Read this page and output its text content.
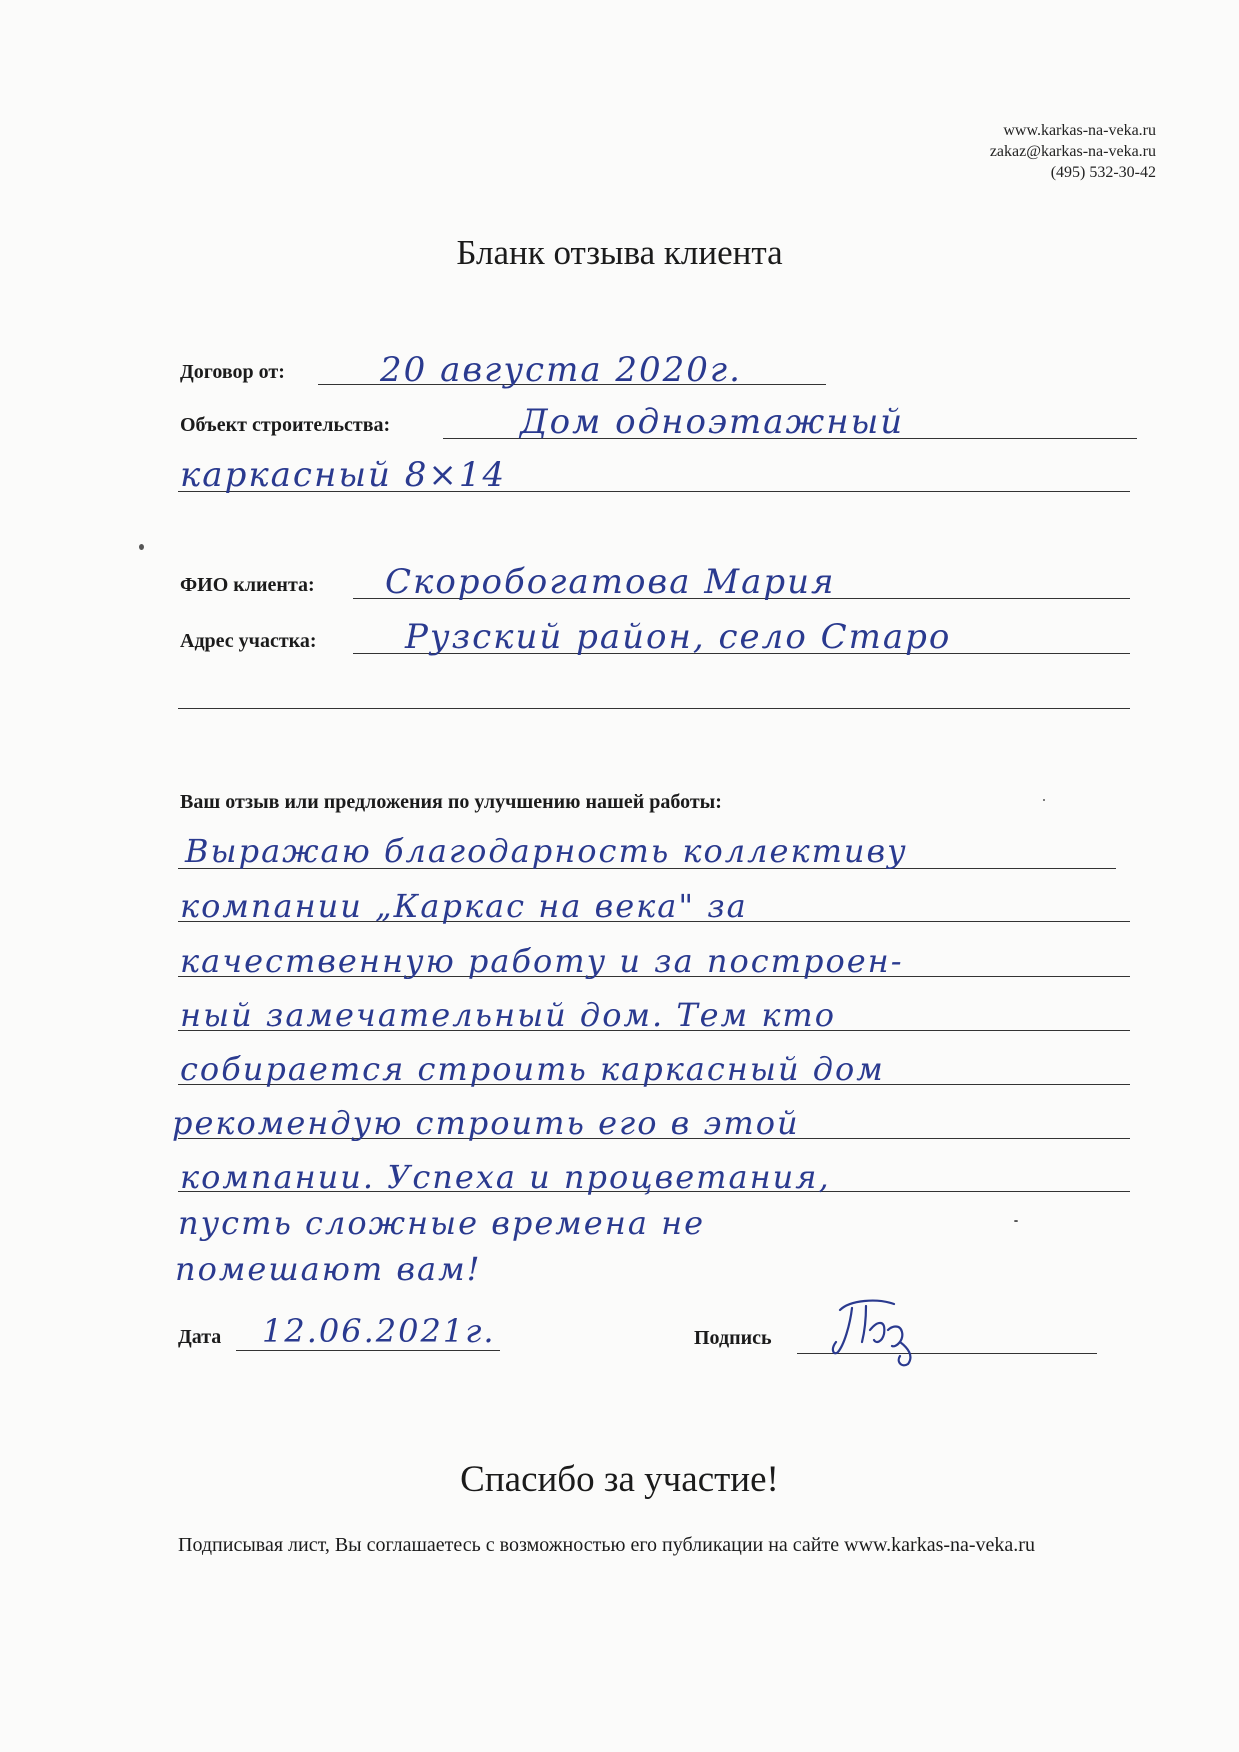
www.karkas-na-veka.ru
zakaz@karkas-na-veka.ru
(495) 532-30-42
Бланк отзыва клиента
Договор от:	20 августа 2020г.
Объект строительства:	Дом одноэтажный
каркасный 8×14
ФИО клиента: Скоробогатова Мария
Адрес участка:	Рузский район, село Старо
Ваш отзыв или предложения по улучшению нашей работы:
Выражаю благодарность коллективу
компании „Каркас на века" за
качественную работу и за построен-
ный замечательный дом. Тем кто
собирается строить каркасный дом
рекомендую строить его в этой
компании. Успеха и процветания,
пусть сложные времена не
помешают вам!
Дата 12.06.2021г.	Подпись
Спасибо за участие!
Подписывая лист, Вы соглашаетесь с возможностью его публикации на сайте www.karkas-na-veka.ru
